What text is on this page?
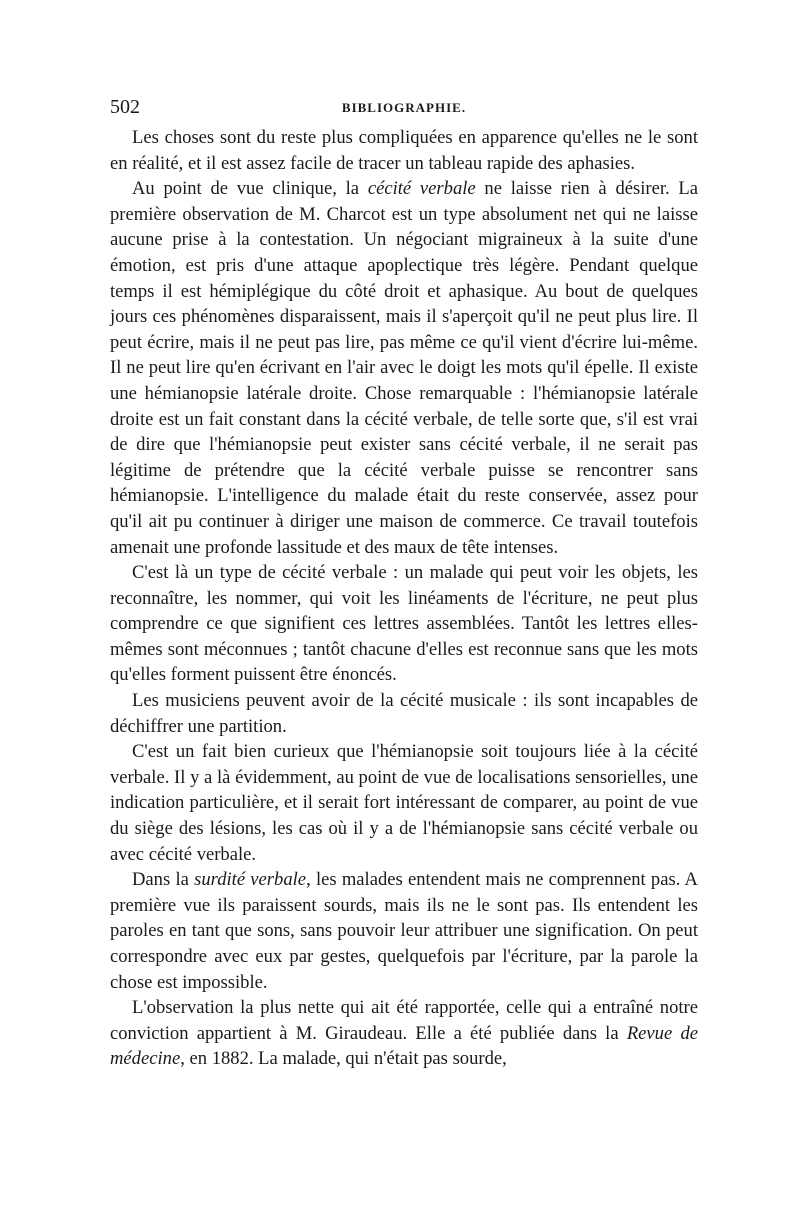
502	BIBLIOGRAPHIE.

Les choses sont du reste plus compliquées en apparence qu'elles ne le sont en réalité, et il est assez facile de tracer un tableau rapide des aphasies.

Au point de vue clinique, la cécité verbale ne laisse rien à désirer. La première observation de M. Charcot est un type absolument net qui ne laisse aucune prise à la contestation. Un négociant migraineux à la suite d'une émotion, est pris d'une attaque apoplectique très légère. Pendant quelque temps il est hémiplégique du côté droit et aphasique. Au bout de quelques jours ces phénomènes disparaissent, mais il s'aperçoit qu'il ne peut plus lire. Il peut écrire, mais il ne peut pas lire, pas même ce qu'il vient d'écrire lui-même. Il ne peut lire qu'en écrivant en l'air avec le doigt les mots qu'il épelle. Il existe une hémianopsie latérale droite. Chose remarquable : l'hémianopsie latérale droite est un fait constant dans la cécité verbale, de telle sorte que, s'il est vrai de dire que l'hémianopsie peut exister sans cécité verbale, il ne serait pas légitime de prétendre que la cécité verbale puisse se rencontrer sans hémianopsie. L'intelligence du malade était du reste conservée, assez pour qu'il ait pu continuer à diriger une maison de commerce. Ce travail toutefois amenait une profonde lassitude et des maux de tête intenses.

C'est là un type de cécité verbale : un malade qui peut voir les objets, les reconnaître, les nommer, qui voit les linéaments de l'écriture, ne peut plus comprendre ce que signifient ces lettres assemblées. Tantôt les lettres elles-mêmes sont méconnues ; tantôt chacune d'elles est reconnue sans que les mots qu'elles forment puissent être énoncés.

Les musiciens peuvent avoir de la cécité musicale : ils sont incapables de déchiffrer une partition.

C'est un fait bien curieux que l'hémianopsie soit toujours liée à la cécité verbale. Il y a là évidemment, au point de vue de localisations sensorielles, une indication particulière, et il serait fort intéressant de comparer, au point de vue du siège des lésions, les cas où il y a de l'hémianopsie sans cécité verbale ou avec cécité verbale.

Dans la surdité verbale, les malades entendent mais ne comprennent pas. A première vue ils paraissent sourds, mais ils ne le sont pas. Ils entendent les paroles en tant que sons, sans pouvoir leur attribuer une signification. On peut correspondre avec eux par gestes, quelquefois par l'écriture, par la parole la chose est impossible.

L'observation la plus nette qui ait été rapportée, celle qui a entraîné notre conviction appartient à M. Giraudeau. Elle a été publiée dans la Revue de médecine, en 1882. La malade, qui n'était pas sourde,
